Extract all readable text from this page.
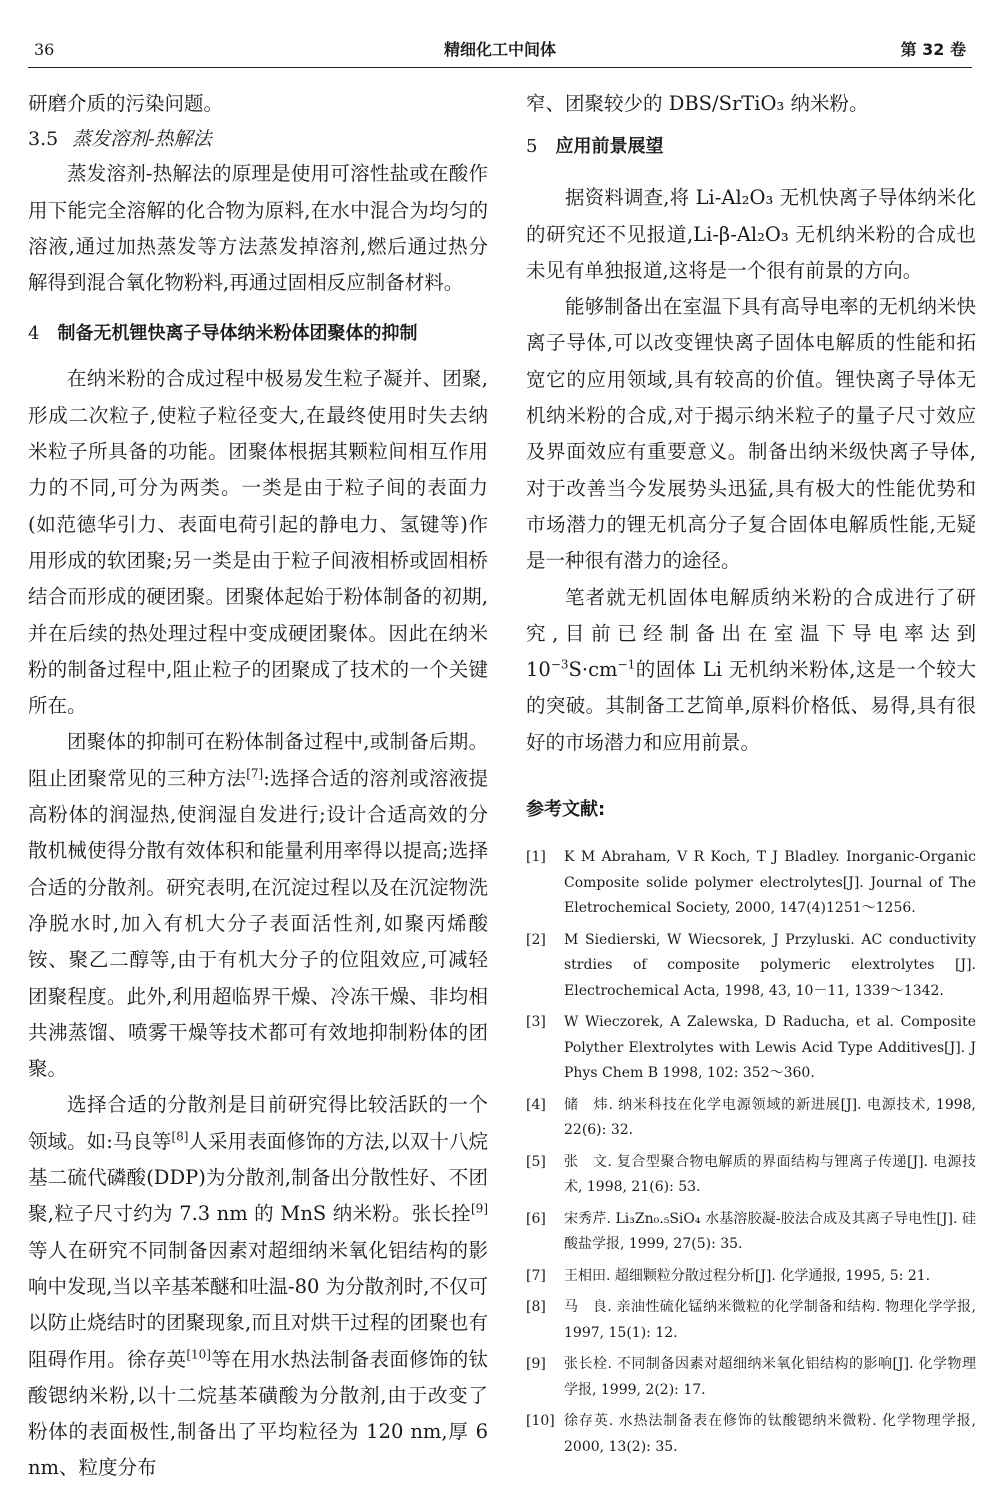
36	精细化工中间体	第 32 卷

研磨介质的污染问题。

3.5 蒸发溶剂-热解法

蒸发溶剂-热解法的原理是使用可溶性盐或在酸作用下能完全溶解的化合物为原料,在水中混合为均匀的溶液,通过加热蒸发等方法蒸发掉溶剂,燃后通过热分解得到混合氧化物粉料,再通过固相反应制备材料。

4 制备无机锂快离子导体纳米粉体团聚体的抑制

在纳米粉的合成过程中极易发生粒子凝并、团聚,形成二次粒子,使粒子粒径变大,在最终使用时失去纳米粒子所具备的功能。团聚体根据其颗粒间相互作用力的不同,可分为两类。一类是由于粒子间的表面力(如范德华引力、表面电荷引起的静电力、氢键等)作用形成的软团聚;另一类是由于粒子间液相桥或固相桥结合而形成的硬团聚。团聚体起始于粉体制备的初期,并在后续的热处理过程中变成硬团聚体。因此在纳米粉的制备过程中,阻止粒子的团聚成了技术的一个关键所在。

团聚体的抑制可在粉体制备过程中,或制备后期。阻止团聚常见的三种方法[7]:选择合适的溶剂或溶液提高粉体的润湿热,使润湿自发进行;设计合适高效的分散机械使得分散有效体积和能量利用率得以提高;选择合适的分散剂。研究表明,在沉淀过程以及在沉淀物洗净脱水时,加入有机大分子表面活性剂,如聚丙烯酸铵、聚乙二醇等,由于有机大分子的位阻效应,可减轻团聚程度。此外,利用超临界干燥、冷冻干燥、非均相共沸蒸馏、喷雾干燥等技术都可有效地抑制粉体的团聚。

选择合适的分散剂是目前研究得比较活跃的一个领域。如:马良等[8]人采用表面修饰的方法,以双十八烷基二硫代磷酸(DDP)为分散剂,制备出分散性好、不团聚,粒子尺寸约为 7.3 nm 的 MnS 纳米粉。张长拴[9]等人在研究不同制备因素对超细纳米氧化铝结构的影响中发现,当以辛基苯醚和吐温-80 为分散剂时,不仅可以防止烧结时的团聚现象,而且对烘干过程的团聚也有阻碍作用。徐存英[10]等在用水热法制备表面修饰的钛酸锶纳米粉,以十二烷基苯磺酸为分散剂,由于改变了粉体的表面极性,制备出了平均粒径为 120 nm,厚 6 nm、粒度分布

窄、团聚较少的 DBS/SrTiO₃ 纳米粉。

5 应用前景展望

据资料调查,将 Li-Al₂O₃ 无机快离子导体纳米化的研究还不见报道,Li-β-Al₂O₃ 无机纳米粉的合成也未见有单独报道,这将是一个很有前景的方向。

能够制备出在室温下具有高导电率的无机纳米快离子导体,可以改变锂快离子固体电解质的性能和拓宽它的应用领域,具有较高的价值。锂快离子导体无机纳米粉的合成,对于揭示纳米粒子的量子尺寸效应及界面效应有重要意义。制备出纳米级快离子导体,对于改善当今发展势头迅猛,具有极大的性能优势和市场潜力的锂无机高分子复合固体电解质性能,无疑是一种很有潜力的途径。

笔者就无机固体电解质纳米粉的合成进行了研究,目前已经制备出在室温下导电率达到 $10^{-3}S\cdot cm^{-1}$的固体 Li 无机纳米粉体,这是一个较大的突破。其制备工艺简单,原料价格低、易得,具有很好的市场潜力和应用前景。

参考文献:
[1] K M Abraham, V R Koch, T J Bladley. Inorganic-Organic Composite solide polymer electrolytes[J]. Journal of The Eletrochemical Society, 2000, 147(4)1251～1256.
[2] M Siedierski, W Wiecsorek, J Przyluski. AC conductivity strdies of composite polymeric elextrolytes [J]. Electrochemical Acta, 1998, 43, 10－11, 1339～1342.
[3] W Wieczorek, A Zalewska, D Raducha, et al. Composite Polyther Elextrolytes with Lewis Acid Type Additives[J]. J Phys Chem B 1998, 102: 352～360.
[4] 储　炜. 纳米科技在化学电源领域的新进展[J]. 电源技术, 1998, 22(6): 32.
[5] 张　文. 复合型聚合物电解质的界面结构与锂离子传递[J]. 电源技术, 1998, 21(6): 53.
[6] 宋秀芹. Li₃Zn₀.₅SiO₄ 水基溶胶凝-胶法合成及其离子导电性[J]. 硅酸盐学报, 1999, 27(5): 35.
[7] 王相田. 超细颗粒分散过程分析[J]. 化学通报, 1995, 5: 21.
[8] 马　良. 亲油性硫化锰纳米微粒的化学制备和结构. 物理化学学报, 1997, 15(1): 12.
[9] 张长栓. 不同制备因素对超细纳米氧化铝结构的影响[J]. 化学物理学报, 1999, 2(2): 17.
[10] 徐存英. 水热法制备表在修饰的钛酸锶纳米微粉. 化学物理学报, 2000, 13(2): 35.
